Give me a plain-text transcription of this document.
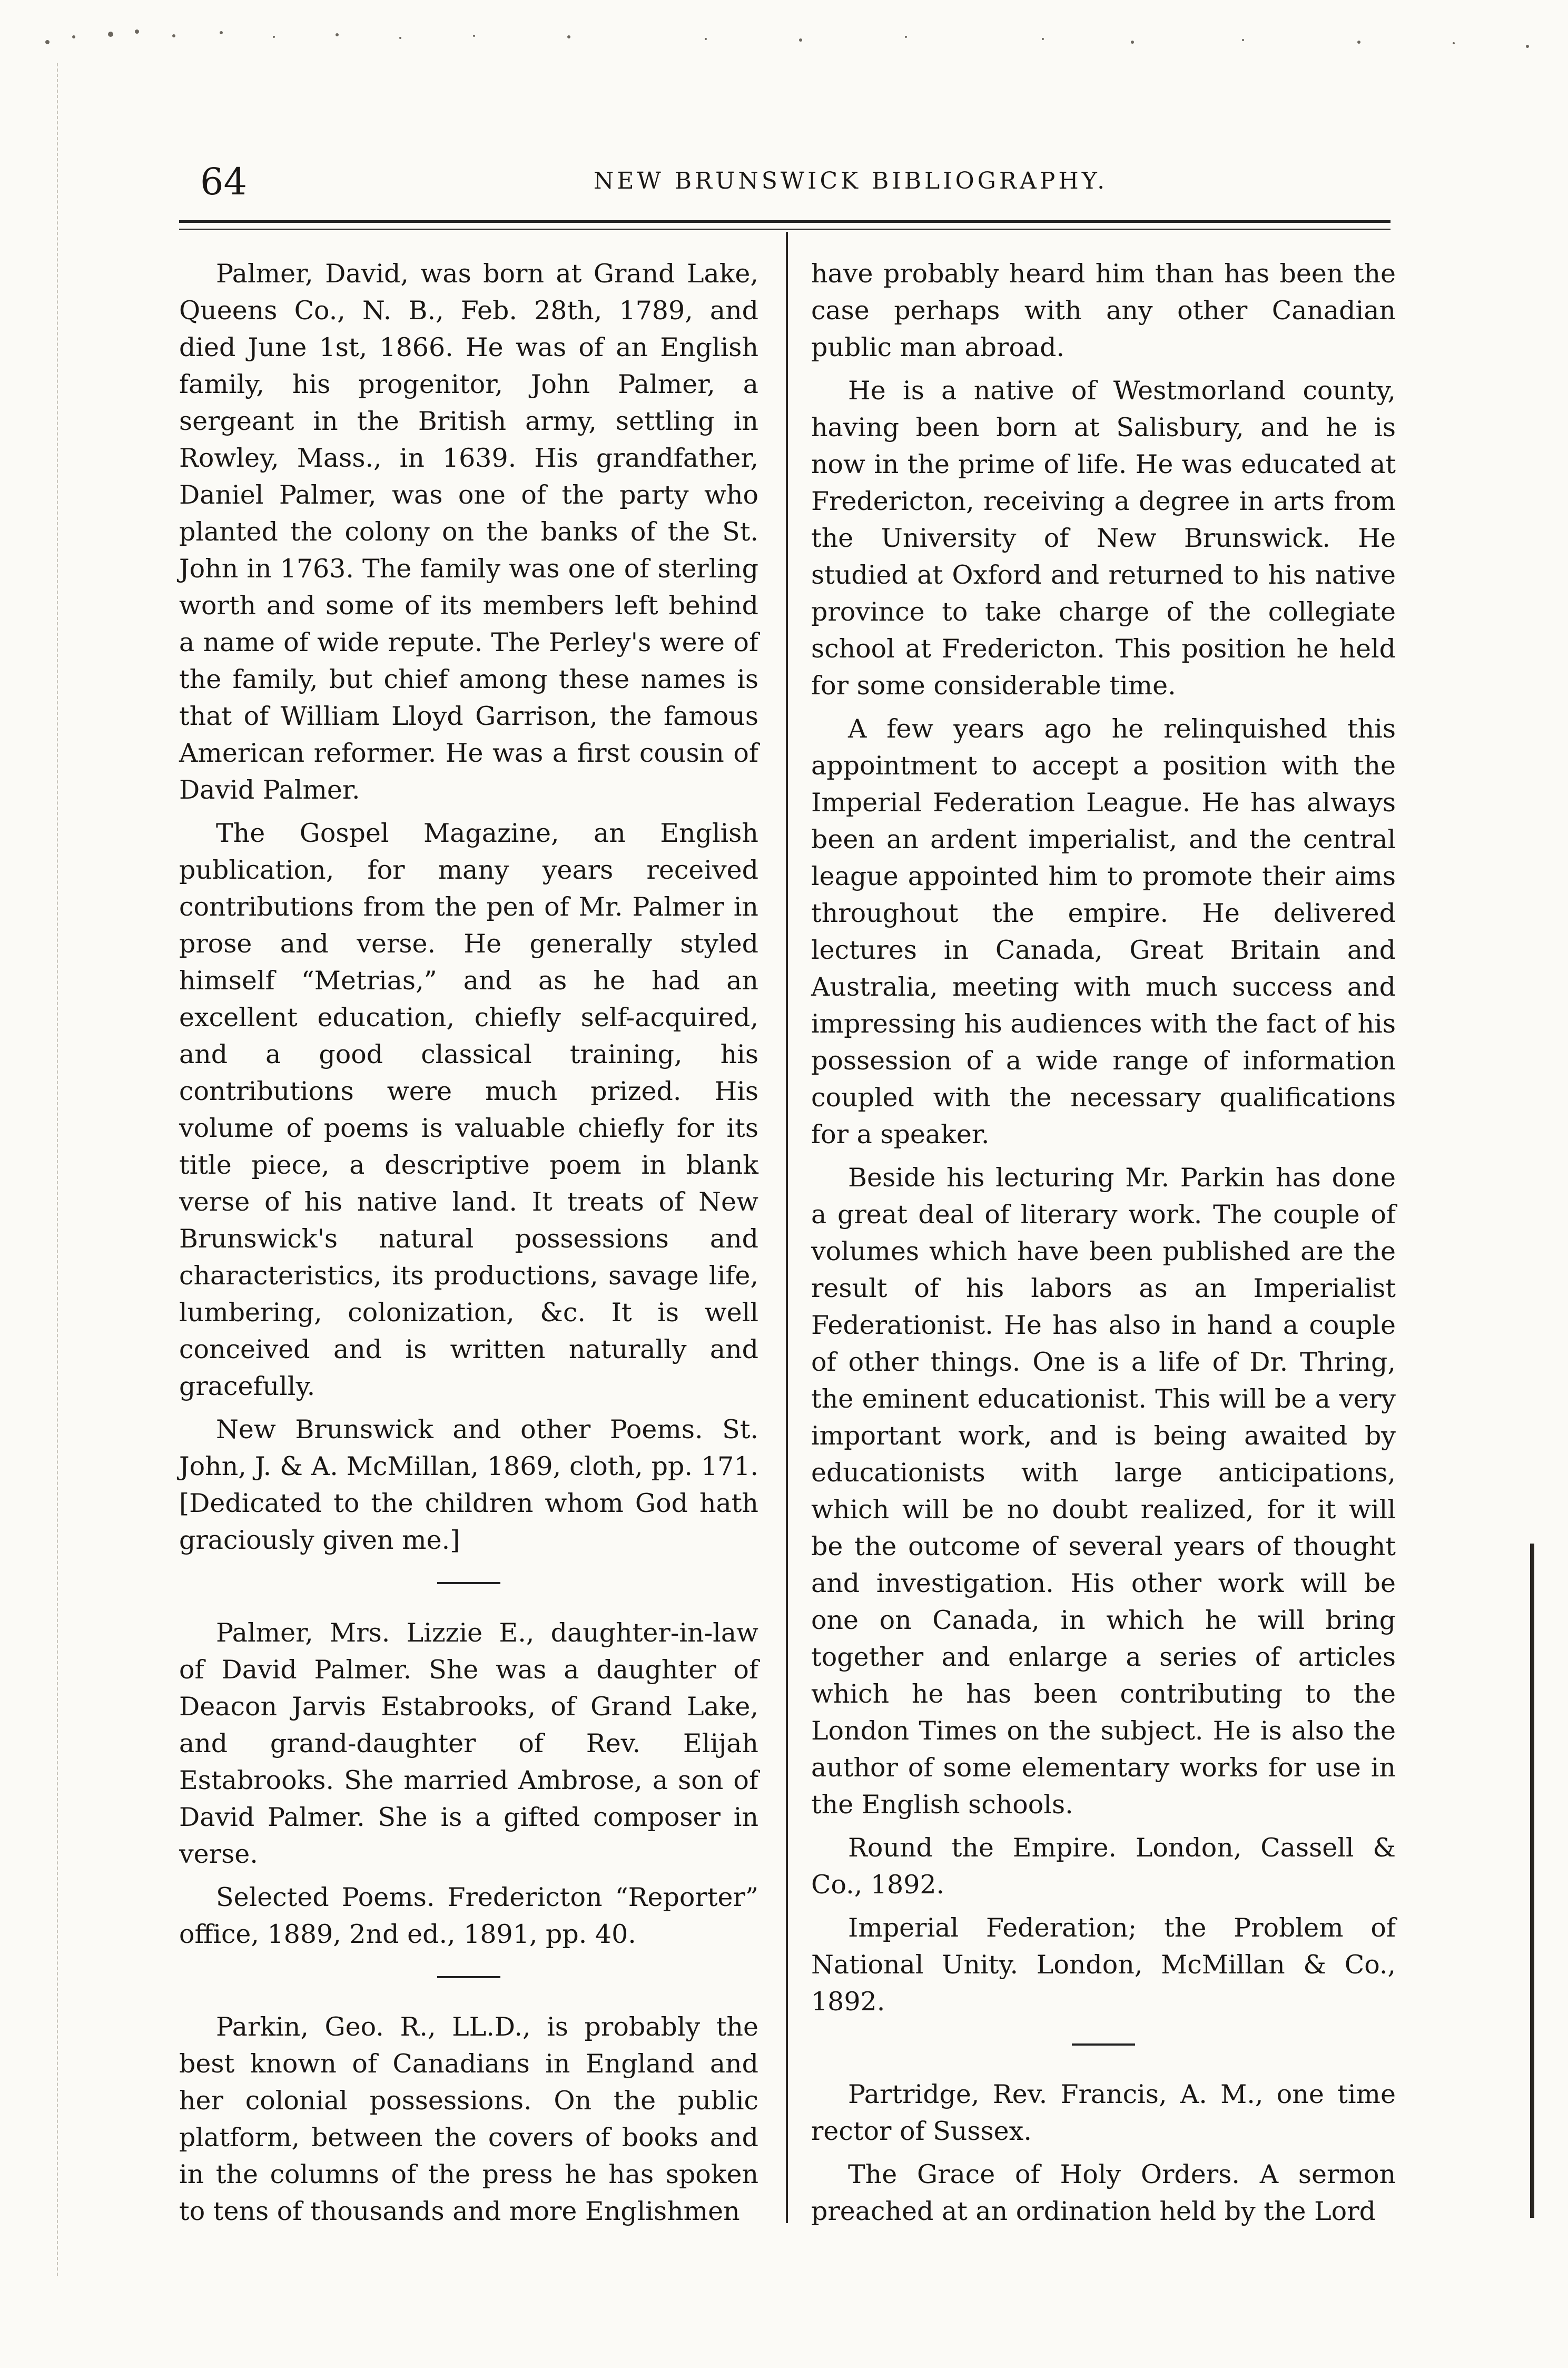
64	NEW BRUNSWICK BIBLIOGRAPHY.

Palmer, David, was born at Grand Lake, Queens Co., N. B., Feb. 28th, 1789, and died June 1st, 1866. He was of an English family, his progenitor, John Palmer, a sergeant in the British army, settling in Rowley, Mass., in 1639. His grandfather, Daniel Palmer, was one of the party who planted the colony on the banks of the St. John in 1763. The family was one of sterling worth and some of its members left behind a name of wide repute. The Perley's were of the family, but chief among these names is that of William Lloyd Garrison, the famous American reformer. He was a first cousin of David Palmer.

The Gospel Magazine, an English publication, for many years received contributions from the pen of Mr. Palmer in prose and verse. He generally styled himself “Metrias,” and as he had an excellent education, chiefly self-acquired, and a good classical training, his contributions were much prized. His volume of poems is valuable chiefly for its title piece, a descriptive poem in blank verse of his native land. It treats of New Brunswick's natural possessions and characteristics, its productions, savage life, lumbering, colonization, &c. It is well conceived and is written naturally and gracefully.

New Brunswick and other Poems. St. John, J. & A. McMillan, 1869, cloth, pp. 171. [Dedicated to the children whom God hath graciously given me.]

Palmer, Mrs. Lizzie E., daughter-in-law of David Palmer. She was a daughter of Deacon Jarvis Estabrooks, of Grand Lake, and grand-daughter of Rev. Elijah Estabrooks. She married Ambrose, a son of David Palmer. She is a gifted composer in verse.

Selected Poems. Fredericton “Reporter” office, 1889, 2nd ed., 1891, pp. 40.

Parkin, Geo. R., LL.D., is probably the best known of Canadians in England and her colonial possessions. On the public platform, between the covers of books and in the columns of the press he has spoken to tens of thousands and more Englishmen

have probably heard him than has been the case perhaps with any other Canadian public man abroad.

He is a native of Westmorland county, having been born at Salisbury, and he is now in the prime of life. He was educated at Fredericton, receiving a degree in arts from the University of New Brunswick. He studied at Oxford and returned to his native province to take charge of the collegiate school at Fredericton. This position he held for some considerable time.

A few years ago he relinquished this appointment to accept a position with the Imperial Federation League. He has always been an ardent imperialist, and the central league appointed him to promote their aims throughout the empire. He delivered lectures in Canada, Great Britain and Australia, meeting with much success and impressing his audiences with the fact of his possession of a wide range of information coupled with the necessary qualifications for a speaker.

Beside his lecturing Mr. Parkin has done a great deal of literary work. The couple of volumes which have been published are the result of his labors as an Imperialist Federationist. He has also in hand a couple of other things. One is a life of Dr. Thring, the eminent educationist. This will be a very important work, and is being awaited by educationists with large anticipations, which will be no doubt realized, for it will be the outcome of several years of thought and investigation. His other work will be one on Canada, in which he will bring together and enlarge a series of articles which he has been contributing to the London Times on the subject. He is also the author of some elementary works for use in the English schools.

Round the Empire. London, Cassell & Co., 1892.

Imperial Federation; the Problem of National Unity. London, McMillan & Co., 1892.

Partridge, Rev. Francis, A. M., one time rector of Sussex.

The Grace of Holy Orders. A sermon preached at an ordination held by the Lord
